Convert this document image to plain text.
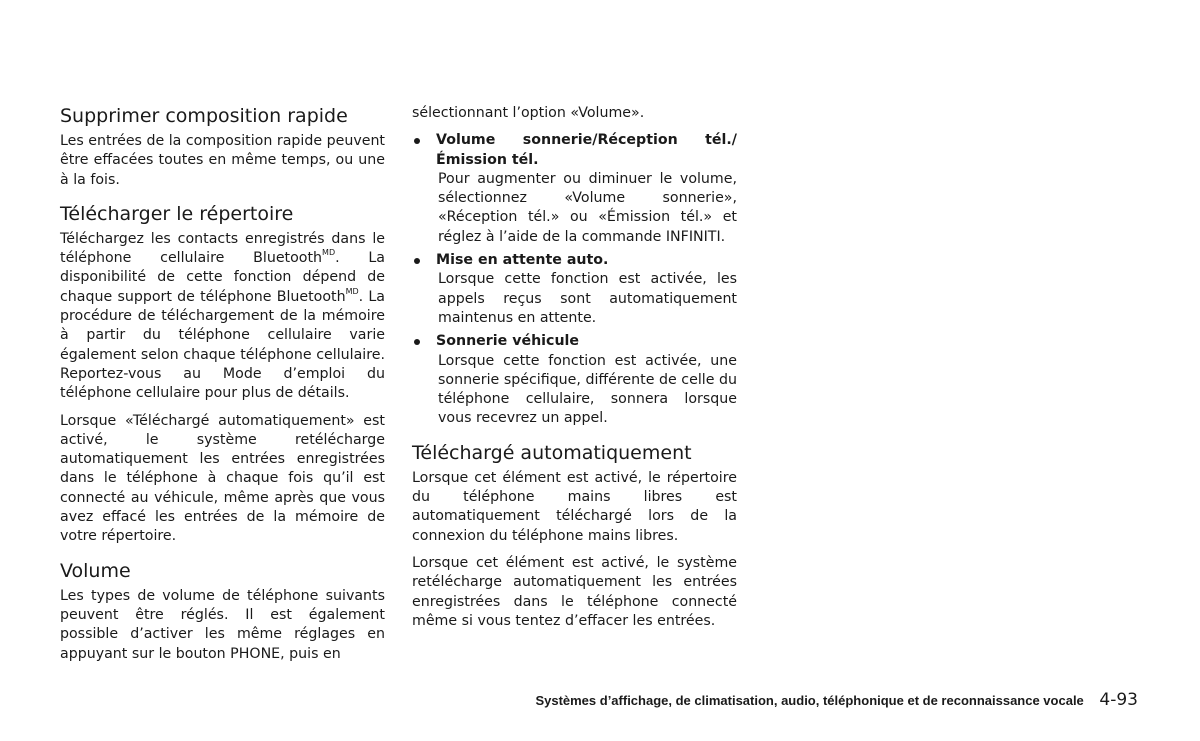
Supprimer composition rapide

Les entrées de la composition rapide peuvent être effacées toutes en même temps, ou une à la fois.

Télécharger le répertoire

Téléchargez les contacts enregistrés dans le téléphone cellulaire Bluetooth$^{MD}$. La disponibilité de cette fonction dépend de chaque support de téléphone Bluetooth$^{MD}$. La procédure de téléchargement de la mémoire à partir du téléphone cellulaire varie également selon chaque téléphone cellulaire. Reportez-vous au Mode d’emploi du téléphone cellulaire pour plus de détails.

Lorsque «Téléchargé automatiquement» est activé, le système retélécharge automatiquement les entrées enregistrées dans le téléphone à chaque fois qu’il est connecté au véhicule, même après que vous avez effacé les entrées de la mémoire de votre répertoire.

Volume

Les types de volume de téléphone suivants peuvent être réglés. Il est également possible d’activer les même réglages en appuyant sur le bouton PHONE, puis en

sélectionnant l’option «Volume».

Volume sonnerie/Réception tél./Émission tél.

Pour augmenter ou diminuer le volume, sélectionnez «Volume sonnerie», «Réception tél.» ou «Émission tél.» et réglez à l’aide de la commande INFINITI.

Mise en attente auto.

Lorsque cette fonction est activée, les appels reçus sont automatiquement maintenus en attente.

Sonnerie véhicule

Lorsque cette fonction est activée, une sonnerie spécifique, différente de celle du téléphone cellulaire, sonnera lorsque vous recevrez un appel.

Téléchargé automatiquement

Lorsque cet élément est activé, le répertoire du téléphone mains libres est automatiquement téléchargé lors de la connexion du téléphone mains libres.

Lorsque cet élément est activé, le système retélécharge automatiquement les entrées enregistrées dans le téléphone connecté même si vous tentez d’effacer les entrées.

Systèmes d’affichage, de climatisation, audio, téléphonique et de reconnaissance vocale 4-93
